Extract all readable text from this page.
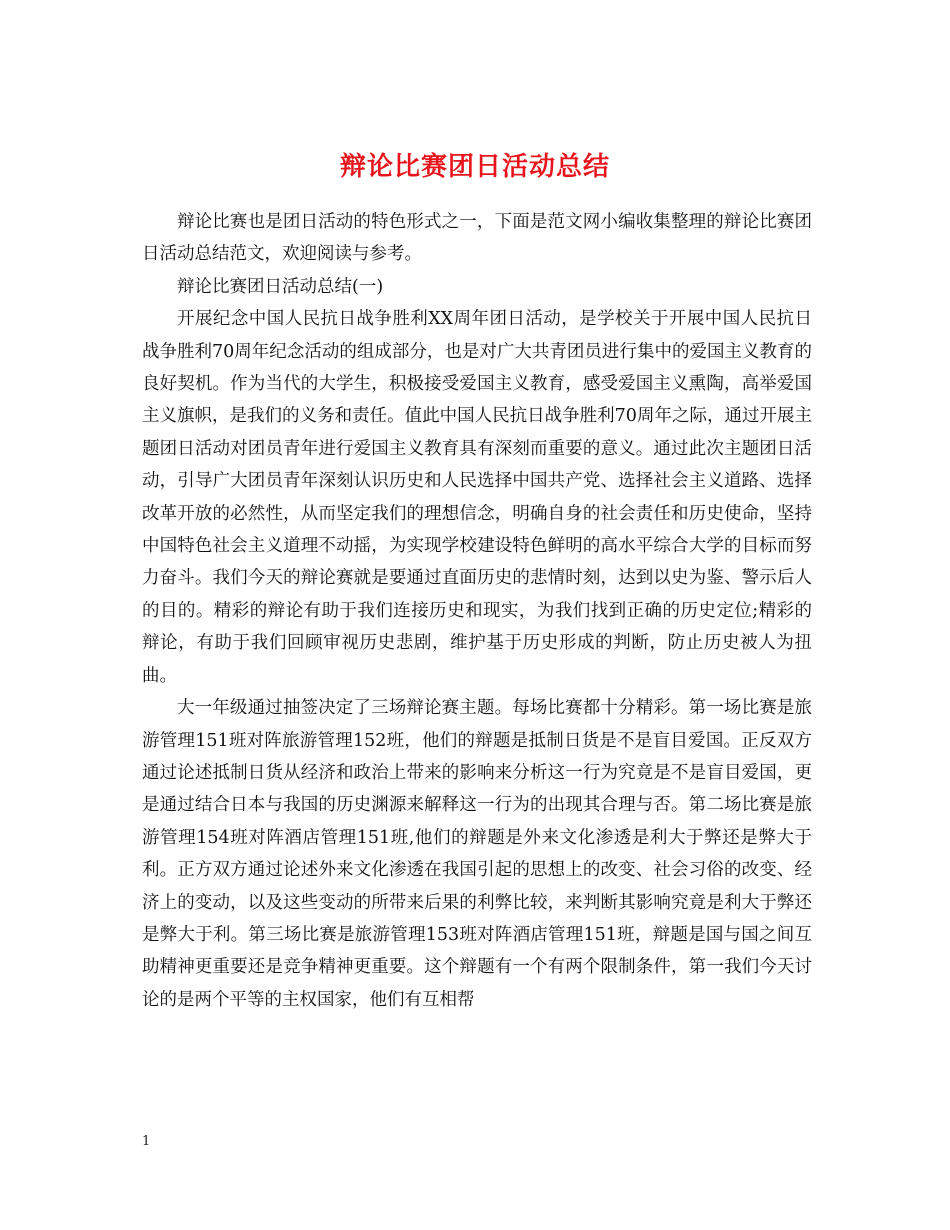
辩论比赛团日活动总结

辩论比赛也是团日活动的特色形式之一，下面是范文网小编收集整理的辩论比赛团日活动总结范文，欢迎阅读与参考。

辩论比赛团日活动总结(一)

开展纪念中国人民抗日战争胜利XX周年团日活动，是学校关于开展中国人民抗日战争胜利70周年纪念活动的组成部分，也是对广大共青团员进行集中的爱国主义教育的良好契机。作为当代的大学生，积极接受爱国主义教育，感受爱国主义熏陶，高举爱国主义旗帜，是我们的义务和责任。值此中国人民抗日战争胜利70周年之际，通过开展主题团日活动对团员青年进行爱国主义教育具有深刻而重要的意义。通过此次主题团日活动，引导广大团员青年深刻认识历史和人民选择中国共产党、选择社会主义道路、选择改革开放的必然性，从而坚定我们的理想信念，明确自身的社会责任和历史使命，坚持中国特色社会主义道理不动摇，为实现学校建设特色鲜明的高水平综合大学的目标而努力奋斗。我们今天的辩论赛就是要通过直面历史的悲情时刻，达到以史为鉴、警示后人的目的。精彩的辩论有助于我们连接历史和现实，为我们找到正确的历史定位;精彩的辩论，有助于我们回顾审视历史悲剧，维护基于历史形成的判断，防止历史被人为扭曲。

大一年级通过抽签决定了三场辩论赛主题。每场比赛都十分精彩。第一场比赛是旅游管理151班对阵旅游管理152班，他们的辩题是抵制日货是不是盲目爱国。正反双方通过论述抵制日货从经济和政治上带来的影响来分析这一行为究竟是不是盲目爱国，更是通过结合日本与我国的历史渊源来解释这一行为的出现其合理与否。第二场比赛是旅游管理154班对阵酒店管理151班,他们的辩题是外来文化渗透是利大于弊还是弊大于利。正方双方通过论述外来文化渗透在我国引起的思想上的改变、社会习俗的改变、经济上的变动，以及这些变动的所带来后果的利弊比较，来判断其影响究竟是利大于弊还是弊大于利。第三场比赛是旅游管理153班对阵酒店管理151班，辩题是国与国之间互助精神更重要还是竞争精神更重要。这个辩题有一个有两个限制条件，第一我们今天讨论的是两个平等的主权国家，他们有互相帮

1
